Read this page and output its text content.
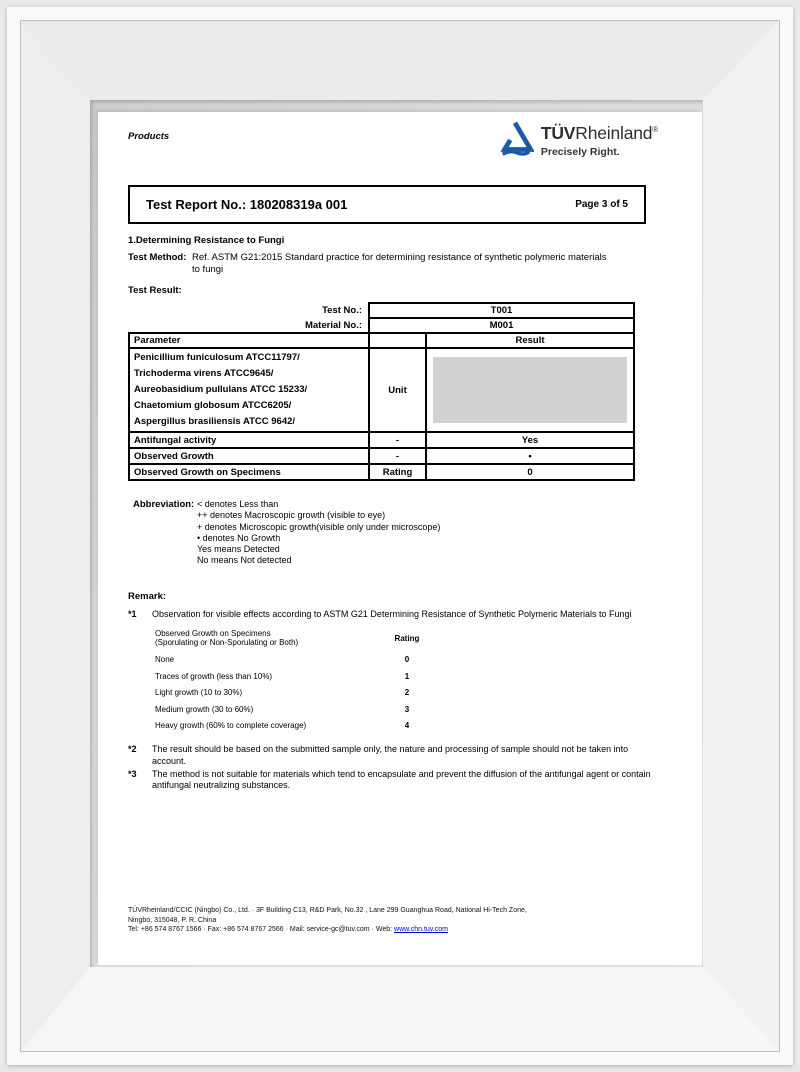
Products	TÜVRheinland®
Precisely Right.
Test Report No.: 180208319a 001	Page 3 of 5
1.Determining Resistance to Fungi
Test Method: Ref. ASTM G21:2015 Standard practice for determining resistance of synthetic polymeric materials to fungi
Test Result:
Test No.:	T001	
Material No.:	M001	
Parameter		Result

Penicillium funiculosum ATCC11797/
Trichoderma virens ATCC9645/
Aureobasidium pullulans ATCC 15233/
Chaetomium globosum ATCC6205/
Aspergillus brasiliensis ATCC 9642/	Unit	

Antifungal activity	-	Yes
Observed Growth	-	•
Observed Growth on Specimens	Rating	0
Abbreviation: < denotes Less than
++ denotes Macroscopic growth (visible to eye)
+ denotes Microscopic growth(visible only under microscope)
• denotes No Growth
Yes means Detected
No means Not detected
Remark:
*1	Observation for visible effects according to ASTM G21 Determining Resistance of Synthetic Polymeric Materials to Fungi
Observed Growth on Specimens
(Sporulating or Non-Sporulating or Both)	Rating
None	0
Traces of growth (less than 10%)	1
Light growth (10 to 30%)	2
Medium growth (30 to 60%)	3
Heavy growth (60% to complete coverage)	4
*2	The result should be based on the submitted sample only, the nature and processing of sample should not be taken into account.
*3	The method is not suitable for materials which tend to encapsulate and prevent the diffusion of the antifungal agent or contain antifungal neutralizing substances.
TÜVRheinland/CCIC (Ningbo) Co., Ltd. · 3F Building C13, R&D Park, No.32 , Lane 299 Guanghua Road, National Hi-Tech Zone,
Ningbo, 315048, P. R. China
Tel: +86 574 8767 1566 · Fax: +86 574 8767 2566 · Mail: service-gc@tuv.com · Web: www.chn.tuv.com
